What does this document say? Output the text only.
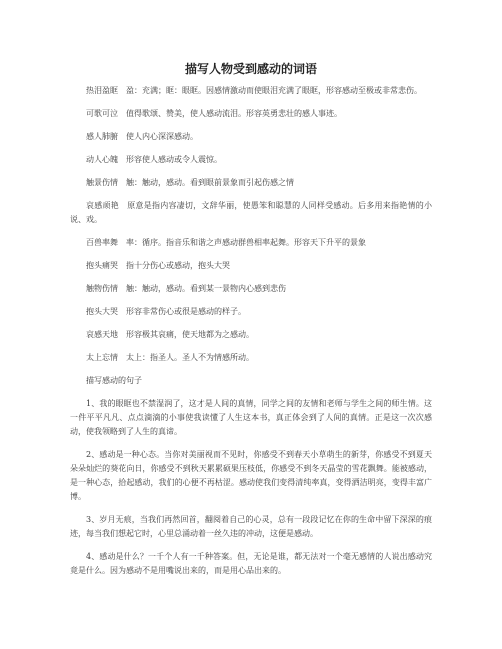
描写人物受到感动的词语

热泪盈眶　盈：充满；眶：眼眶。因感情激动而使眼泪充满了眼眶，形容感动至极或非常悲伤。

可歌可泣　值得歌颂、赞美，使人感动流泪。形容英勇悲壮的感人事迹。

感人肺腑　使人内心深深感动。

动人心魄　形容使人感动或令人震惊。

触景伤情　触：触动，感动。看到眼前景象而引起伤感之情

哀感顽艳　原意是指内容凄切，文辞华丽，使愚笨和聪慧的人同样受感动。后多用来指艳情的小说、戏。

百兽率舞　率：循序。指音乐和谐之声感动群兽相率起舞。形容天下升平的景象

抱头痛哭　指十分伤心或感动，抱头大哭

触物伤情　触：触动，感动。看到某一景物内心感到悲伤

抱头大哭　形容非常伤心或很是感动的样子。

哀感天地　形容极其哀痛，使天地都为之感动。

太上忘情　太上：指圣人。圣人不为情感所动。

描写感动的句子

1、我的眼眶也不禁湿润了，这才是人间的真情，同学之间的友情和老师与学生之间的师生情。这一件平平凡凡、点点滴滴的小事使我读懂了人生这本书，真正体会到了人间的真情。正是这一次次感动，使我领略到了人生的真谛。

2、感动是一种心态。当你对美丽视而不见时，你感受不到春天小草萌生的新芽，你感受不到夏天朵朵灿烂的葵花向日，你感受不到秋天累累硕果压枝低，你感受不到冬天晶莹的雪花飘舞。能被感动，是一种心态，拾起感动，我们的心便不再枯涩。感动使我们变得清纯率真，变得洒洁明亮，变得丰富广博。

3、岁月无痕，当我们再然回首，翻阅着自己的心灵，总有一段段记忆在你的生命中留下深深的痕迹，每当我们想起它时，心里总涌动着一丝久违的冲动，这便是感动。

4、感动是什么？一千个人有一千种答案。但，无论是谁，都无法对一个毫无感情的人说出感动究竟是什么。因为感动不是用嘴说出来的，而是用心品出来的。
